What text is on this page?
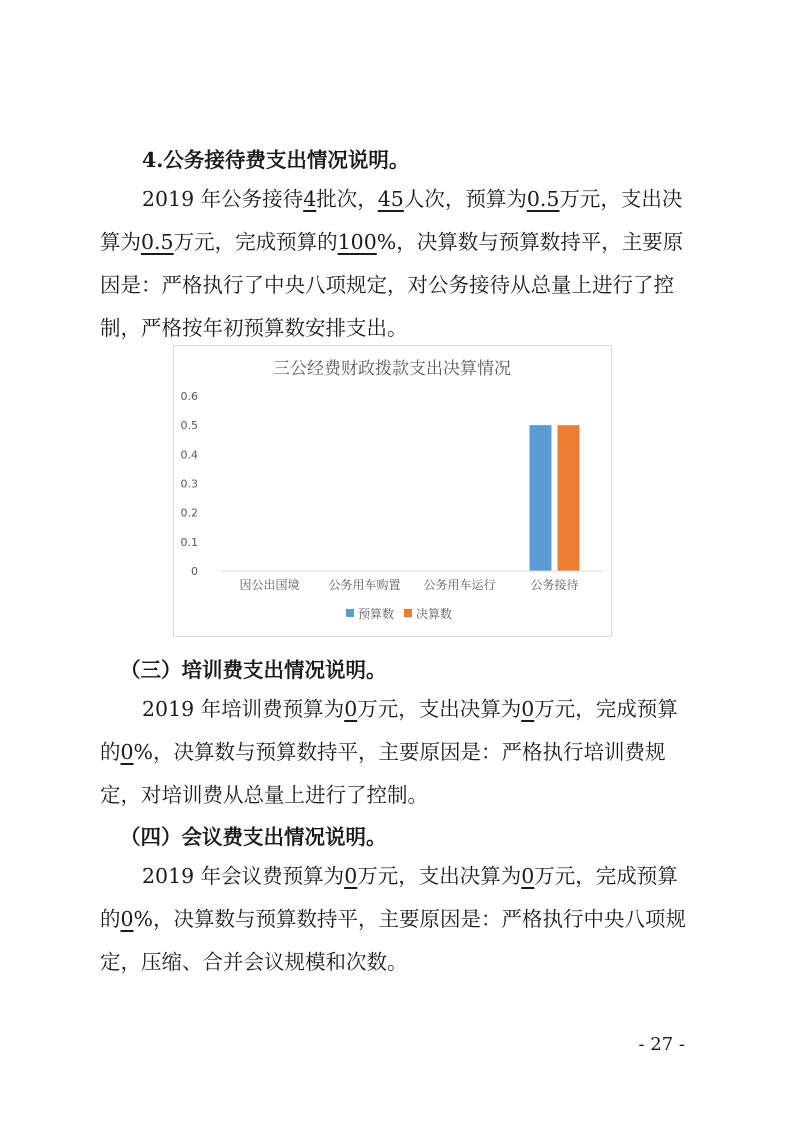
4.公务接待费支出情况说明。
2019 年公务接待4批次，45人次，预算为0.5万元，支出决算为0.5万元，完成预算的100%，决算数与预算数持平，主要原因是：严格执行了中央八项规定，对公务接待从总量上进行了控制，严格按年初预算数安排支出。
三公经费财政拨款支出决算情况
0
0.1
0.2
0.3
0.4
0.5
0.6
因公出国境 公务用车购置 公务用车运行	公务接待
预算数 决算数
（三）培训费支出情况说明。
2019 年培训费预算为0万元，支出决算为0万元，完成预算的0%，决算数与预算数持平，主要原因是：严格执行培训费规定，对培训费从总量上进行了控制。
（四）会议费支出情况说明。
2019 年会议费预算为0万元，支出决算为0万元，完成预算的0%，决算数与预算数持平，主要原因是：严格执行中央八项规定，压缩、合并会议规模和次数。
- 27 -
